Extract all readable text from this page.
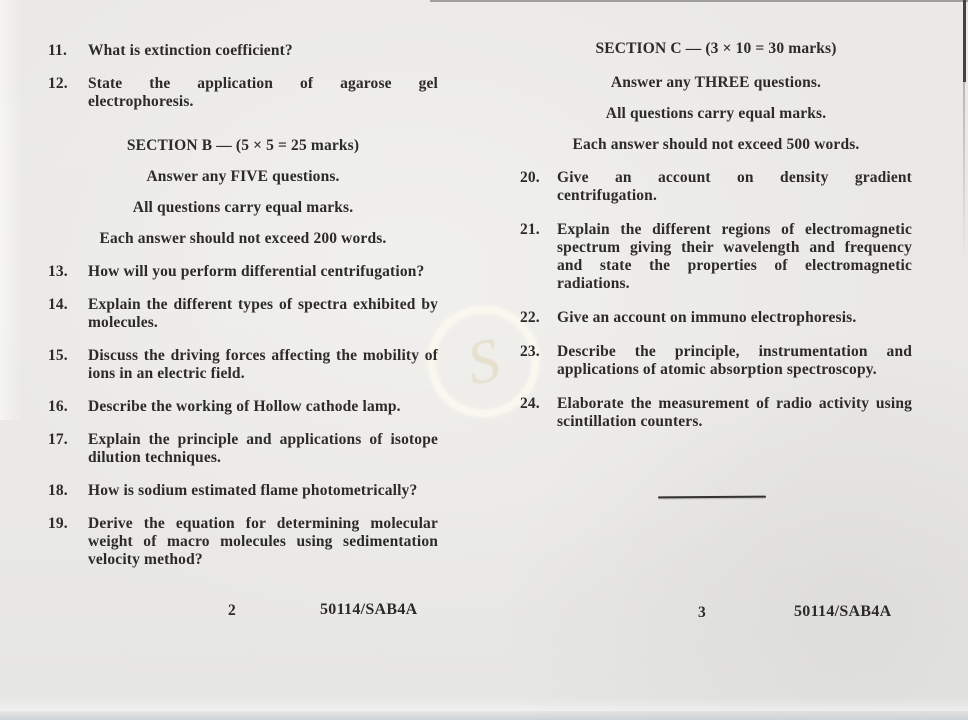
S
11. What is extinction coefficient?
12. State the application of agarose gel
electrophoresis.
SECTION B — (5 × 5 = 25 marks)
Answer any FIVE questions.
All questions carry equal marks.
Each answer should not exceed 200 words.
13. How will you perform differential centrifugation?
14. Explain the different types of spectra exhibited by
molecules.
15. Discuss the driving forces affecting the mobility of
ions in an electric field.
16. Describe the working of Hollow cathode lamp.
17. Explain the principle and applications of isotope
dilution techniques.
18. How is sodium estimated flame photometrically?
19. Derive the equation for determining molecular
weight of macro molecules using sedimentation
velocity method?
SECTION C — (3 × 10 = 30 marks)
Answer any THREE questions.
All questions carry equal marks.
Each answer should not exceed 500 words.
20. Give an account on density gradient
centrifugation.
21. Explain the different regions of electromagnetic
spectrum giving their wavelength and frequency
and state the properties of electromagnetic
radiations.
22. Give an account on immuno electrophoresis.
23. Describe the principle, instrumentation and
applications of atomic absorption spectroscopy.
24. Elaborate the measurement of radio activity using
scintillation counters.
2	50114/SAB4A	3	50114/SAB4A
